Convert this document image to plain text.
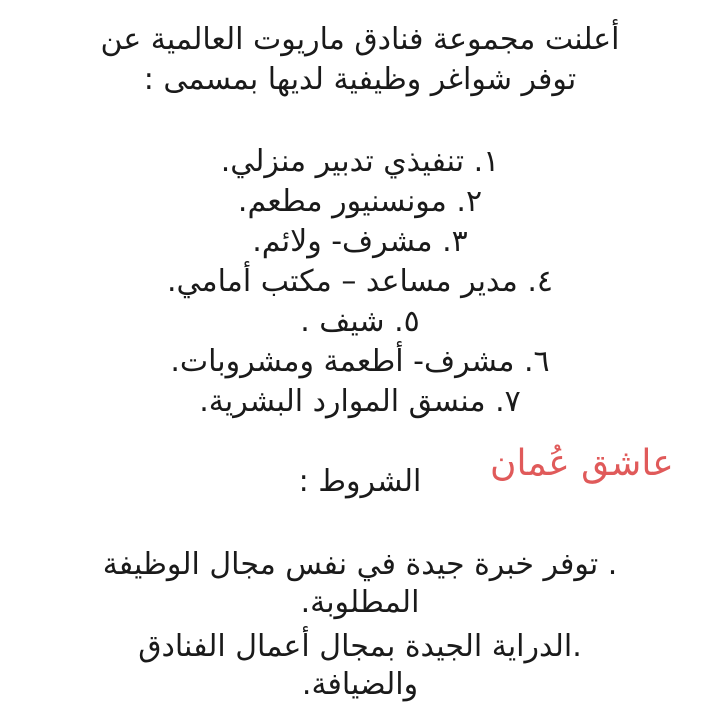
أعلنت مجموعة فنادق ماريوت العالمية عن
توفر شواغر وظيفية لديها بمسمى :
١. تنفيذي تدبير منزلي.
٢. مونسنيور مطعم.
٣. مشرف- ولائم.
٤. مدير مساعد – مكتب أمامي.
٥. شيف .
٦. مشرف- أطعمة ومشروبات.
٧. منسق الموارد البشرية.
عاشق عُمان
الشروط :
. توفر خبرة جيدة في نفس مجال الوظيفة
المطلوبة.
.الدراية الجيدة بمجال أعمال الفنادق
والضيافة.
